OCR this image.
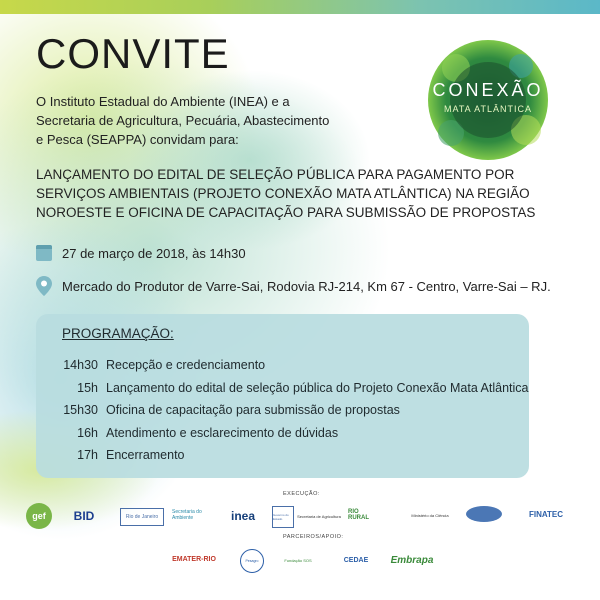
CONVITE
O Instituto Estadual do Ambiente (INEA) e a Secretaria de Agricultura, Pecuária, Abastecimento e Pesca (SEAPPA) convidam para:
CONEXÃO
MATA ATLÂNTICA
LANÇAMENTO DO EDITAL DE SELEÇÃO PÚBLICA PARA PAGAMENTO POR SERVIÇOS AMBIENTAIS (PROJETO CONEXÃO MATA ATLÂNTICA) NA REGIÃO NOROESTE E OFICINA DE CAPACITAÇÃO PARA SUBMISSÃO DE PROPOSTAS
27 de março de 2018, às 14h30
Mercado do Produtor de Varre-Sai, Rodovia RJ-214, Km 67 - Centro, Varre-Sai – RJ.
PROGRAMAÇÃO:
14h30 Recepção e credenciamento
15h Lançamento do edital de seleção pública do Projeto Conexão Mata Atlântica
15h30 Oficina de capacitação para submissão de propostas
16h Atendimento e esclarecimento de dúvidas
17h Encerramento
EXECUÇÃO:
gef	BID	Rio de Janeiro
Secretaria do Ambiente	inea	Governo do Estado
Secretaria de Agricultura
RIO RURAL	Ministério da Ciência	FINATEC
PARCEIROS/APOIO:
EMATER-RIO	Pesagro	Fundação SOS	CEDAE	Embrapa
